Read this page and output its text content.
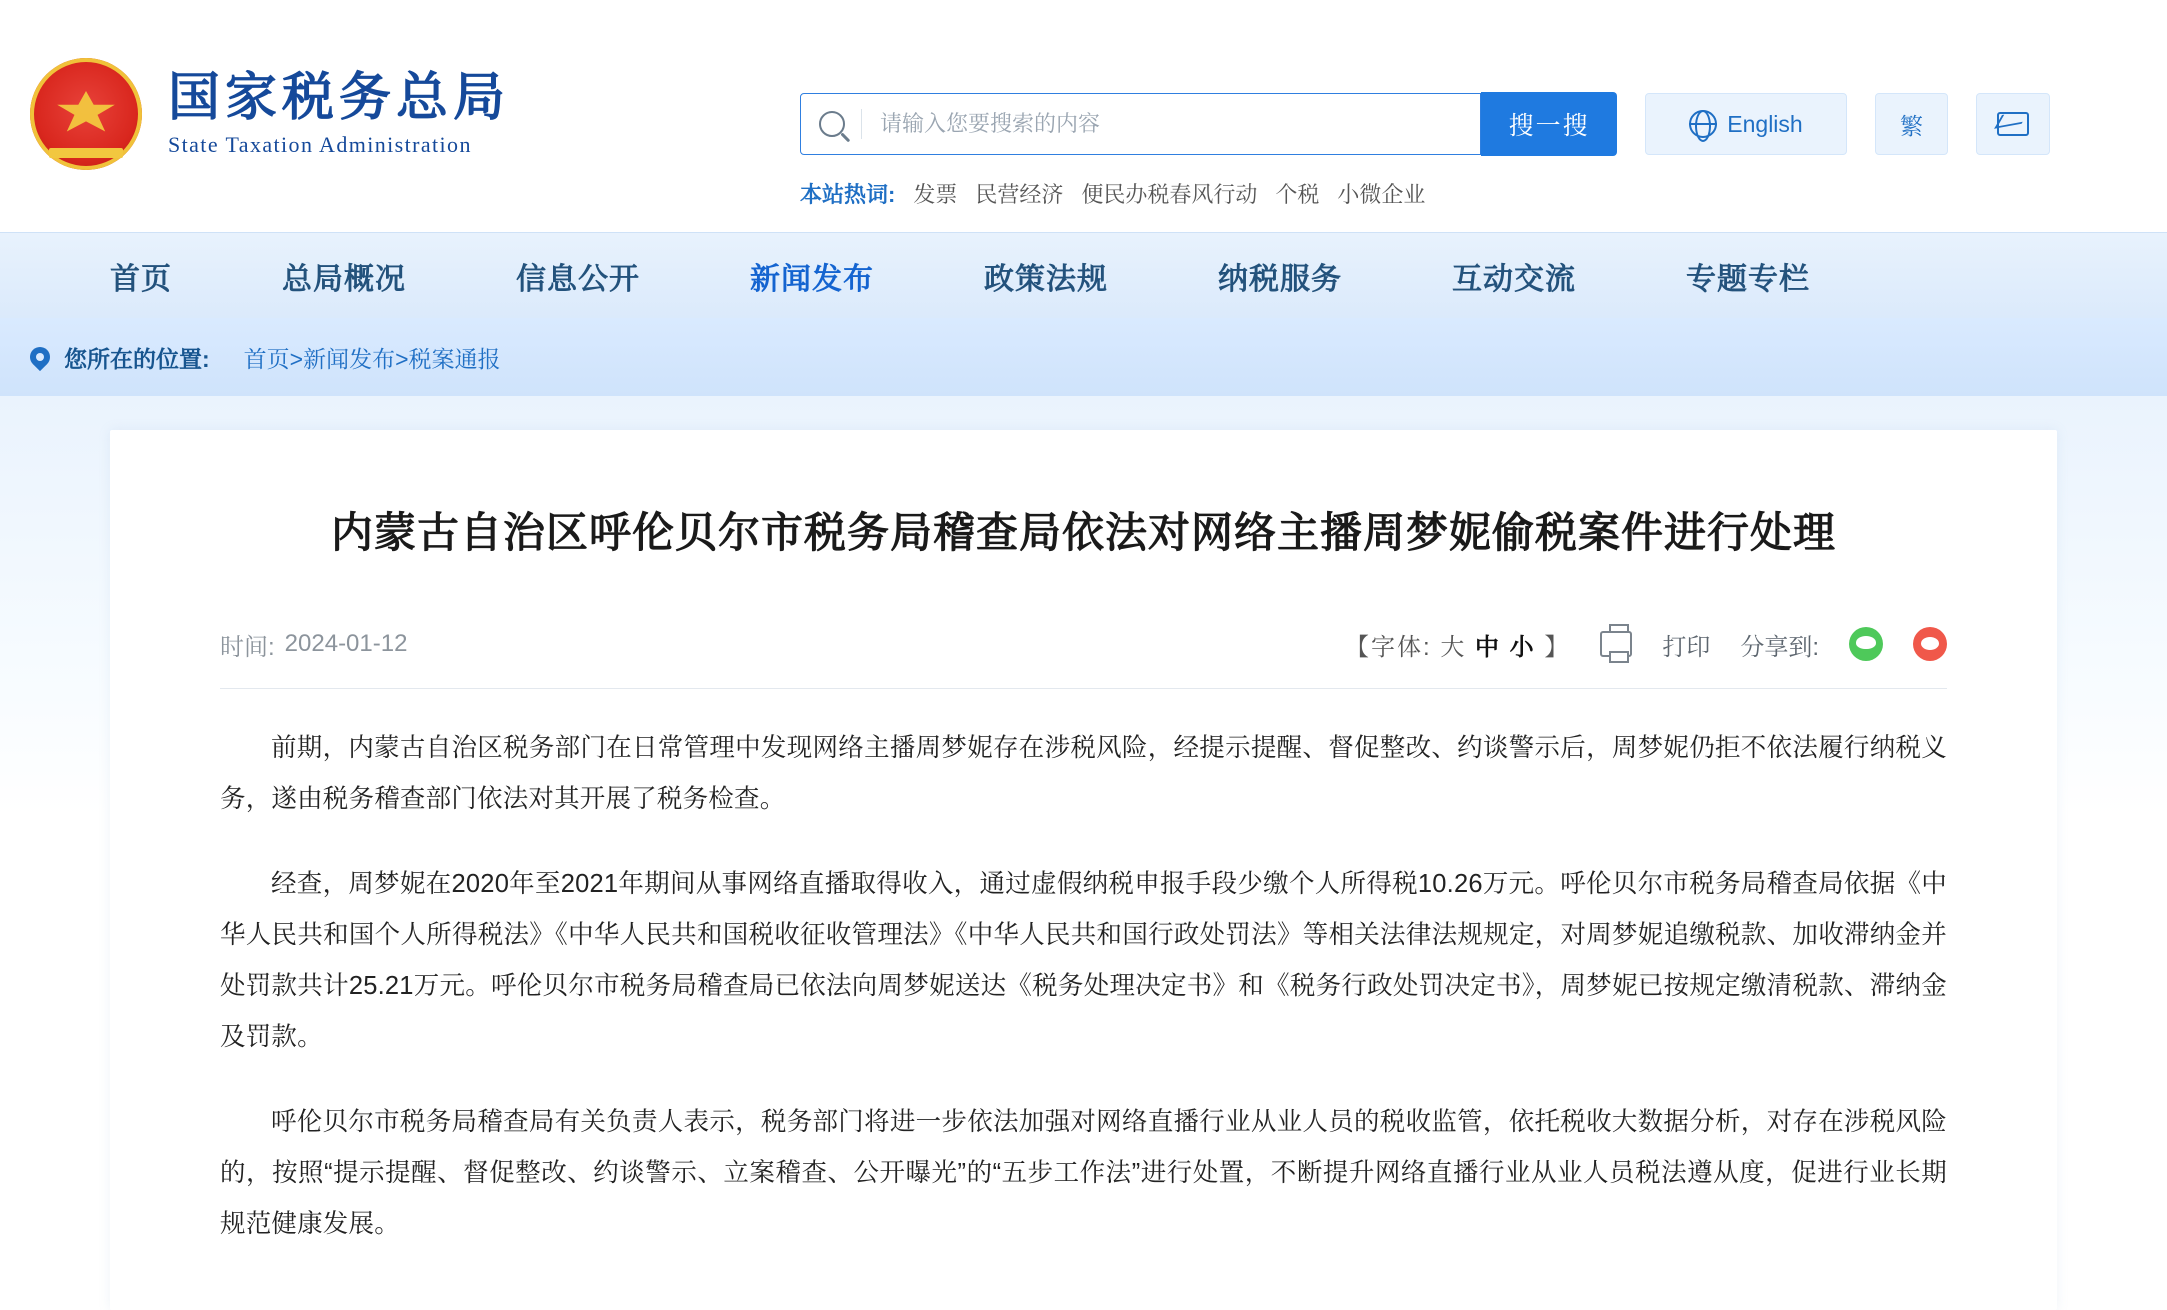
国家税务总局
State Taxation Administration
请输入您要搜索的内容
搜一搜	English	繁
本站热词: 发票 民营经济 便民办税春风行动 个税 小微企业
首页	总局概况	信息公开	新闻发布	政策法规	纳税服务	互动交流	专题专栏
您所在的位置: 首页>新闻发布>税案通报
内蒙古自治区呼伦贝尔市税务局稽查局依法对网络主播周梦妮偷税案件进行处理
时间: 2024-01-12	【字体: 大 中 小 】	打印 分享到:

前期，内蒙古自治区税务部门在日常管理中发现网络主播周梦妮存在涉税风险，经提示提醒、督促整改、约谈警示后，周梦妮仍拒不依法履行纳税义务，遂由税务稽查部门依法对其开展了税务检查。

经查，周梦妮在2020年至2021年期间从事网络直播取得收入，通过虚假纳税申报手段少缴个人所得税10.26万元。呼伦贝尔市税务局稽查局依据《中华人民共和国个人所得税法》《中华人民共和国税收征收管理法》《中华人民共和国行政处罚法》等相关法律法规规定，对周梦妮追缴税款、加收滞纳金并处罚款共计25.21万元。呼伦贝尔市税务局稽查局已依法向周梦妮送达《税务处理决定书》和《税务行政处罚决定书》，周梦妮已按规定缴清税款、滞纳金及罚款。

呼伦贝尔市税务局稽查局有关负责人表示，税务部门将进一步依法加强对网络直播行业从业人员的税收监管，依托税收大数据分析，对存在涉税风险的，按照“提示提醒、督促整改、约谈警示、立案稽查、公开曝光”的“五步工作法”进行处置，不断提升网络直播行业从业人员税法遵从度，促进行业长期规范健康发展。
